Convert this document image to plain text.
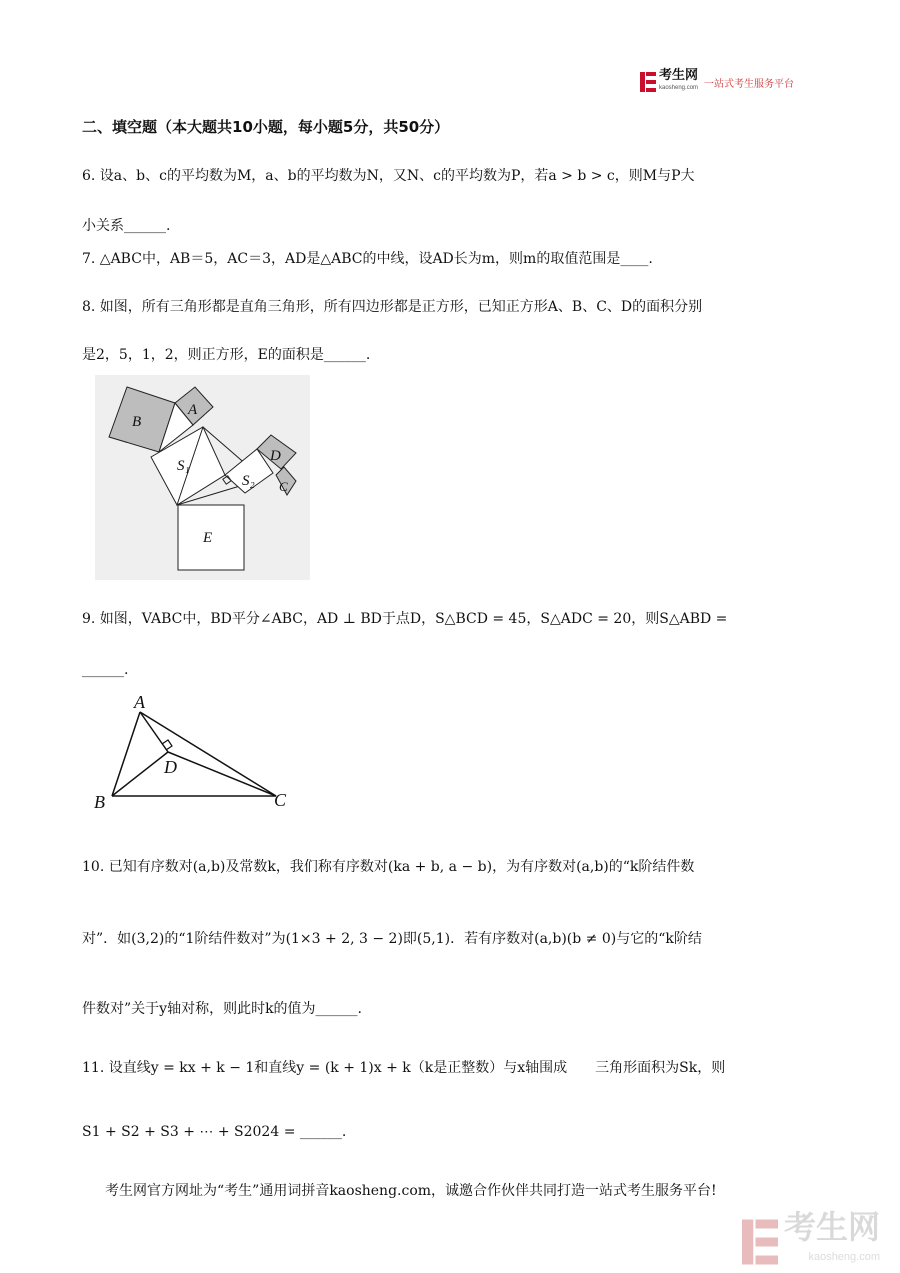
考生网
kaosheng.com 一站式考生服务平台
二、填空题（本大题共10小题，每小题5分，共50分）
6. 设a、b、c的平均数为M，a、b的平均数为N，又N、c的平均数为P，若a > b > c，则M与P大
小关系______.
7. △ABC中，AB＝5，AC＝3，AD是△ABC的中线，设AD长为m，则m的取值范围是____.
8. 如图，所有三角形都是直角三角形，所有四边形都是正方形，已知正方形A、B、C、D的面积分别
是2，5，1，2，则正方形，E的面积是______.
B
A
S₁
S₂
D
C
E
9. 如图，VABC中，BD平分∠ABC，AD ⊥ BD于点D，S△BCD = 45，S△ADC = 20，则S△ABD =
______.
A
D
B	C
10. 已知有序数对(a,b)及常数k，我们称有序数对(ka + b, a − b)，为有序数对(a,b)的“k阶结件数
对”．如(3,2)的“1阶结件数对”为(1×3 + 2, 3 − 2)即(5,1)．若有序数对(a,b)(b ≠ 0)与它的“k阶结
件数对”关于y轴对称，则此时k的值为______.
11. 设直线y = kx + k − 1和直线y = (k + 1)x + k（k是正整数）与x轴围成　　三角形面积为Sk，则
S1 + S2 + S3 + ⋯ + S2024 = ______.
考生网官方网址为“考生”通用词拼音kaosheng.com，诚邀合作伙伴共同打造一站式考生服务平台!
考生网
kaosheng.com
